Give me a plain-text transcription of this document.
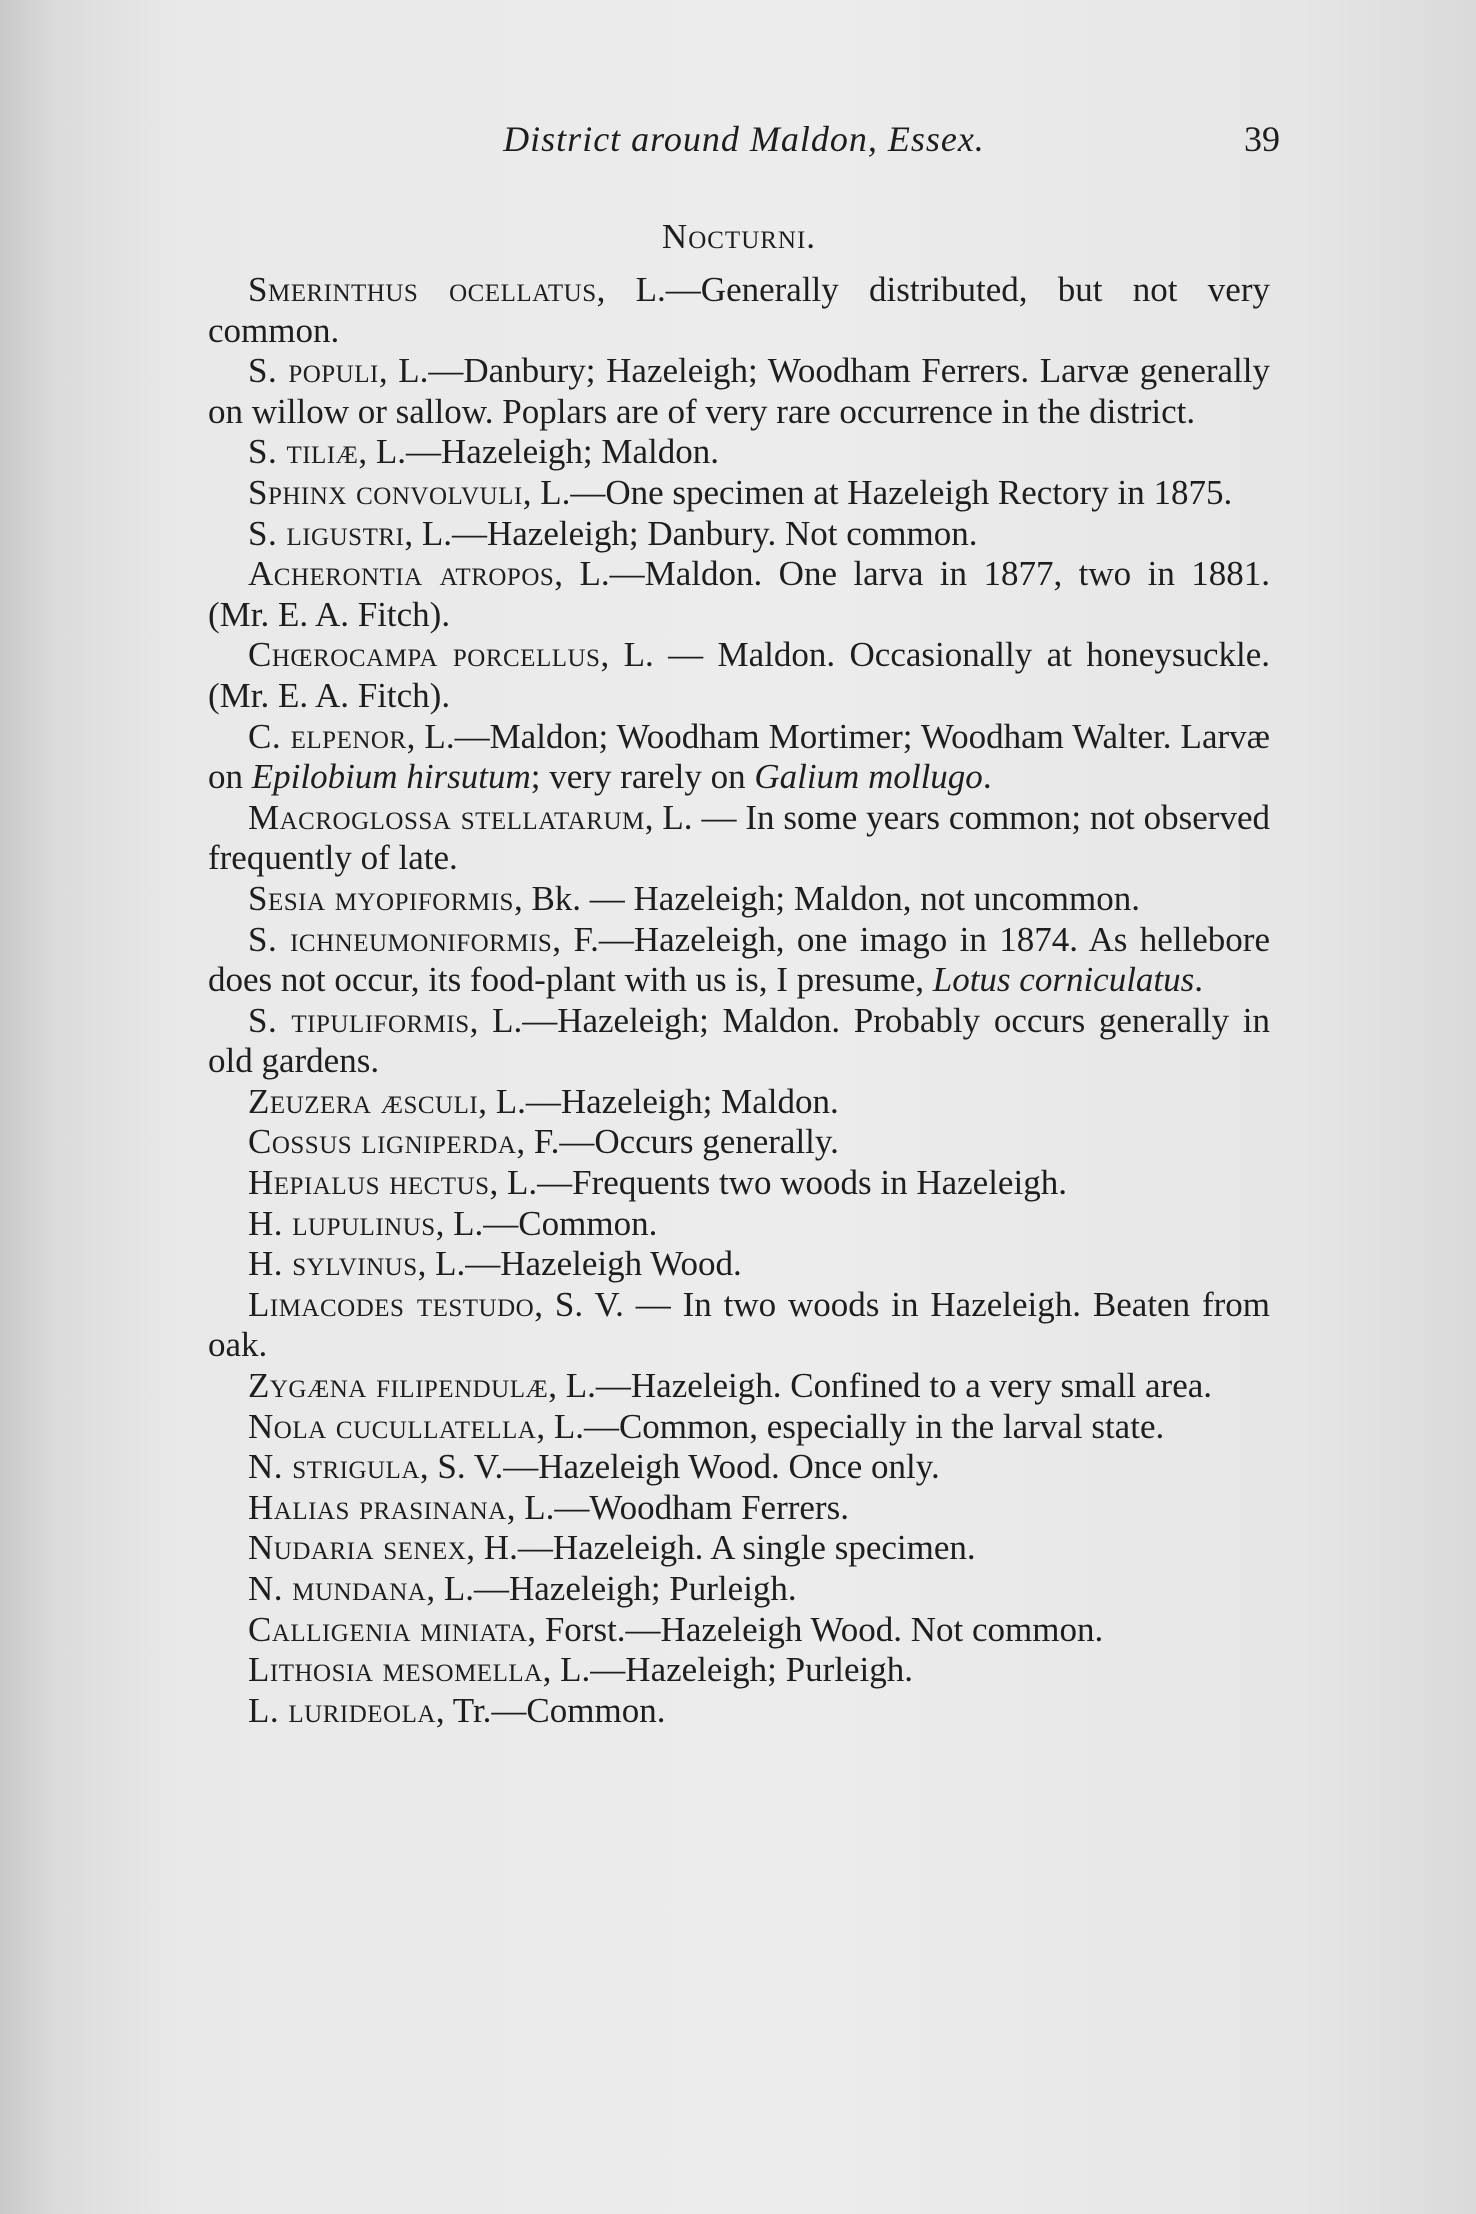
District around Maldon, Essex.	39
Nocturni.

Smerinthus ocellatus, L.—Generally distributed, but not very common.

S. populi, L.—Danbury; Hazeleigh; Woodham Ferrers. Larvæ generally on willow or sallow. Poplars are of very rare occurrence in the district.

S. tiliæ, L.—Hazeleigh; Maldon.

Sphinx convolvuli, L.—One specimen at Hazeleigh Rectory in 1875.

S. ligustri, L.—Hazeleigh; Danbury. Not common.

Acherontia atropos, L.—Maldon. One larva in 1877, two in 1881. (Mr. E. A. Fitch).

Chœrocampa porcellus, L. — Maldon. Occasionally at honeysuckle. (Mr. E. A. Fitch).

C. elpenor, L.—Maldon; Woodham Mortimer; Woodham Walter. Larvæ on Epilobium hirsutum; very rarely on Galium mollugo.

Macroglossa stellatarum, L. — In some years common; not observed frequently of late.

Sesia myopiformis, Bk. — Hazeleigh; Maldon, not uncommon.

S. ichneumoniformis, F.—Hazeleigh, one imago in 1874. As hellebore does not occur, its food-plant with us is, I presume, Lotus corniculatus.

S. tipuliformis, L.—Hazeleigh; Maldon. Probably occurs generally in old gardens.

Zeuzera æsculi, L.—Hazeleigh; Maldon.

Cossus ligniperda, F.—Occurs generally.

Hepialus hectus, L.—Frequents two woods in Hazeleigh.

H. lupulinus, L.—Common.

H. sylvinus, L.—Hazeleigh Wood.

Limacodes testudo, S. V. — In two woods in Hazeleigh. Beaten from oak.

Zygæna filipendulæ, L.—Hazeleigh. Confined to a very small area.

Nola cucullatella, L.—Common, especially in the larval state.

N. strigula, S. V.—Hazeleigh Wood. Once only.

Halias prasinana, L.—Woodham Ferrers.

Nudaria senex, H.—Hazeleigh. A single specimen.

N. mundana, L.—Hazeleigh; Purleigh.

Calligenia miniata, Forst.—Hazeleigh Wood. Not common.

Lithosia mesomella, L.—Hazeleigh; Purleigh.

L. lurideola, Tr.—Common.
